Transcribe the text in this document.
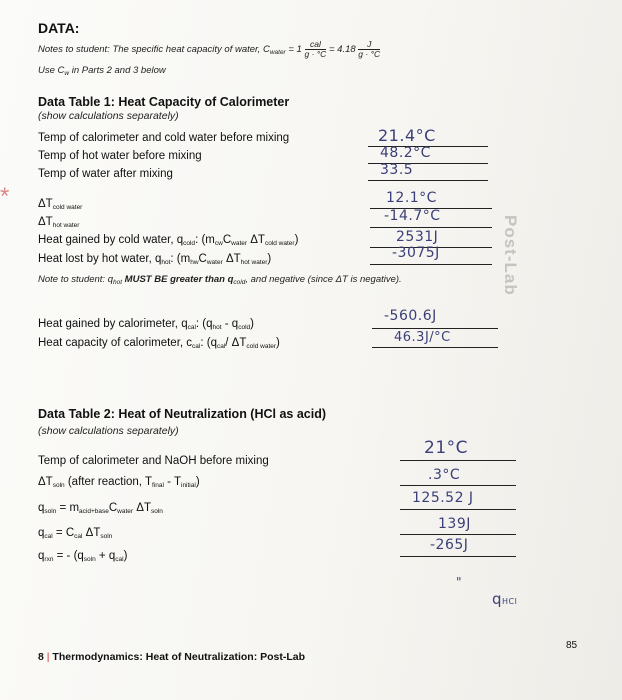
DATA:
Notes to student: The specific heat capacity of water, $C_{water} = 1 \frac{\text{cal}}{g \cdot ^\circ C} = 4.18 \frac{J}{g \cdot ^\circ C}$
Use $C_w$ in Parts 2 and 3 below
Data Table 1: Heat Capacity of Calorimeter
(show calculations separately)
Temp of calorimeter and cold water before mixing
Temp of hot water before mixing
Temp of water after mixing
$\Delta T_{cold water}$
$\Delta T_{hot water}$
Heat gained by cold water, $q_{cold}$: ($m_{cw}C_{water}$ $\Delta T_{cold water}$)
Heat lost by hot water, $q_{hot}$: ($m_{hw}C_{water}$ $\Delta T_{hot water}$)
21.4°C
48.2°C
33.5
12.1°C
-14.7°C
2531J
-3075J
Note to student: $q_{hot}$ MUST BE greater than $q_{cold}$, and negative (since ΔT is negative).
Heat gained by calorimeter, $q_{cal}$: $(q_{hot} - q_{cold})$
Heat capacity of calorimeter, $c_{cal}$: ($q_{cal}/$ $\Delta T_{cold water}$)
-560.6J
46.3J/°C
Data Table 2: Heat of Neutralization (HCl as acid)
(show calculations separately)
Temp of calorimeter and NaOH before mixing
$\Delta T_{soln}$ (after reaction, $T_{final} - T_{initial}$)
$q_{soln} = m_{acid+base}C_{water}$ $\Delta T_{soln}$
$q_{cal} = C_{cal}$ $\Delta T_{soln}$
$q_{rxn}$ = - $(q_{soln} + q_{cal})$
21°C
.3°C
125.52 J
139J
-265J
"
qHCl
Post-Lab
*
8 | Thermodynamics: Heat of Neutralization: Post-Lab
85
